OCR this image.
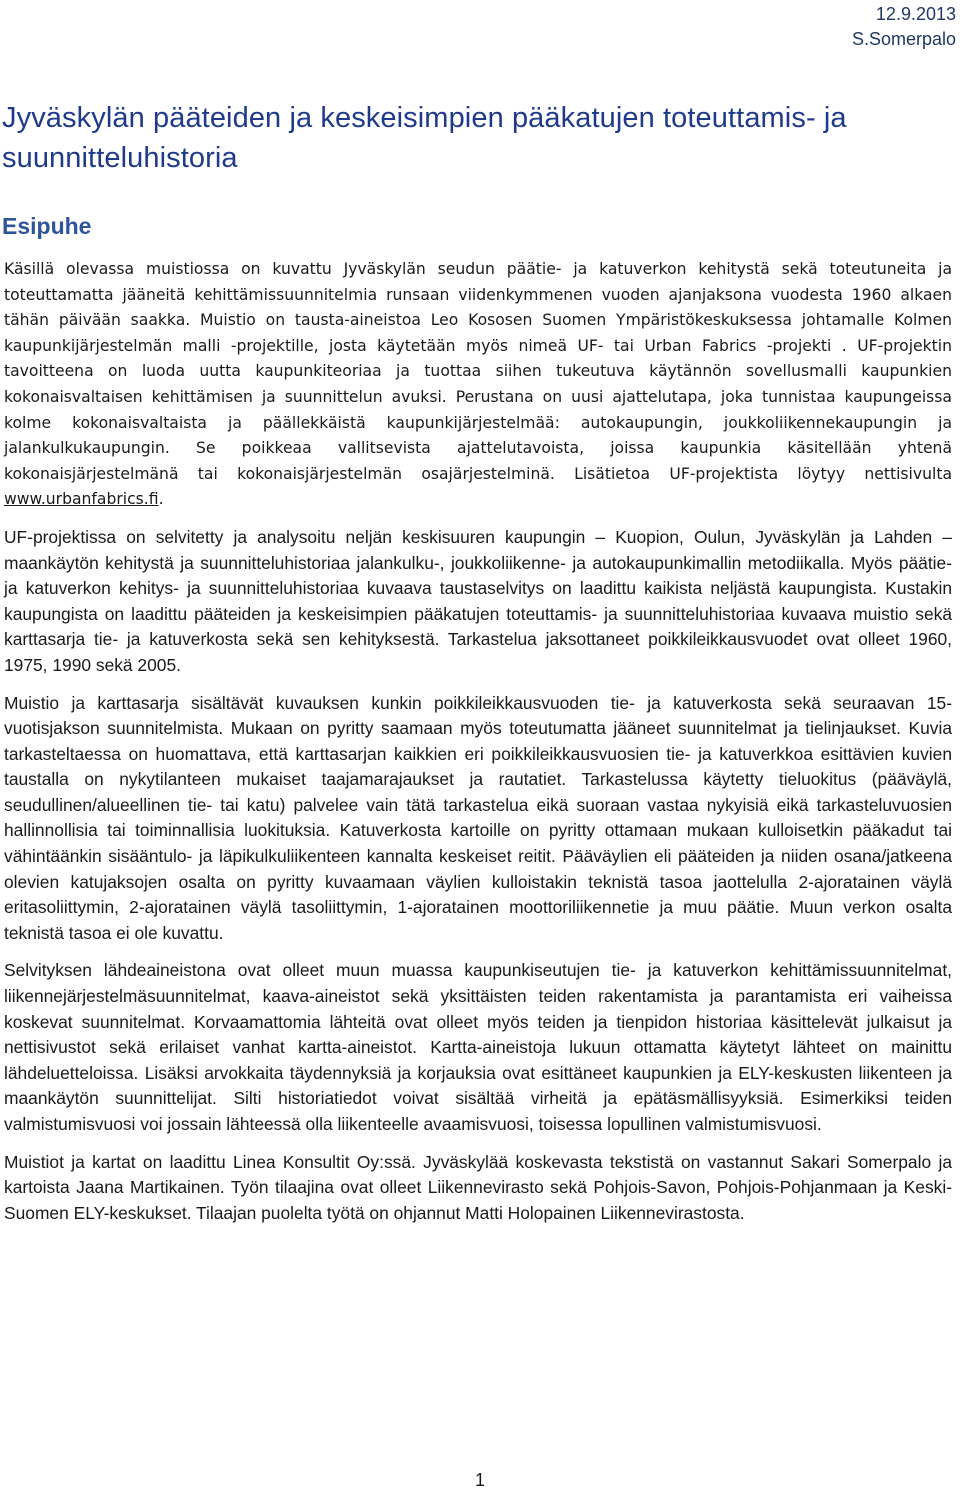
12.9.2013
S.Somerpalo
Jyväskylän pääteiden ja keskeisimpien pääkatujen toteuttamis- ja suunnitteluhistoria
Esipuhe

Käsillä olevassa muistiossa on kuvattu Jyväskylän seudun päätie- ja katuverkon kehitystä sekä toteutuneita ja toteuttamatta jääneitä kehittämissuunnitelmia runsaan viidenkymmenen vuoden ajanjaksona vuodesta 1960 alkaen tähän päivään saakka. Muistio on tausta-aineistoa Leo Kososen Suomen Ympäristökeskuksessa johtamalle Kolmen kaupunkijärjestelmän malli -projektille, josta käytetään myös nimeä UF- tai Urban Fabrics -projekti . UF-projektin tavoitteena on luoda uutta kaupunkiteoriaa ja tuottaa siihen tukeutuva käytännön sovellusmalli kaupunkien kokonaisvaltaisen kehittämisen ja suunnittelun avuksi. Perustana on uusi ajattelutapa, joka tunnistaa kaupungeissa kolme kokonaisvaltaista ja päällekkäistä kaupunkijärjestelmää: autokaupungin, joukkoliikennekaupungin ja jalankulkukaupungin. Se poikkeaa vallitsevista ajattelutavoista, joissa kaupunkia käsitellään yhtenä kokonaisjärjestelmänä tai kokonaisjärjestelmän osajärjestelminä. Lisätietoa UF-projektista löytyy nettisivulta www.urbanfabrics.fi.

UF-projektissa on selvitetty ja analysoitu neljän keskisuuren kaupungin – Kuopion, Oulun, Jyväskylän ja Lahden – maankäytön kehitystä ja suunnitteluhistoriaa jalankulku-, joukkoliikenne- ja autokaupunkimallin metodiikalla. Myös päätie- ja katuverkon kehitys- ja suunnitteluhistoriaa kuvaava taustaselvitys on laadittu kaikista neljästä kaupungista. Kustakin kaupungista on laadittu pääteiden ja keskeisimpien pääkatujen toteuttamis- ja suunnitteluhistoriaa kuvaava muistio sekä karttasarja tie- ja katuverkosta sekä sen kehityksestä. Tarkastelua jaksottaneet poikkileikkausvuodet ovat olleet 1960, 1975, 1990 sekä 2005.

Muistio ja karttasarja sisältävät kuvauksen kunkin poikkileikkausvuoden tie- ja katuverkosta sekä seuraavan 15-vuotisjakson suunnitelmista. Mukaan on pyritty saamaan myös toteutumatta jääneet suunnitelmat ja tielinjaukset. Kuvia tarkasteltaessa on huomattava, että karttasarjan kaikkien eri poikkileikkausvuosien tie- ja katuverkkoa esittävien kuvien taustalla on nykytilanteen mukaiset taajamarajaukset ja rautatiet. Tarkastelussa käytetty tieluokitus (pääväylä, seudullinen/alueellinen tie- tai katu) palvelee vain tätä tarkastelua eikä suoraan vastaa nykyisiä eikä tarkasteluvuosien hallinnollisia tai toiminnallisia luokituksia. Katuverkosta kartoille on pyritty ottamaan mukaan kulloisetkin pääkadut tai vähintäänkin sisääntulo- ja läpikulkuliikenteen kannalta keskeiset reitit. Pääväylien eli pääteiden ja niiden osana/jatkeena olevien katujaksojen osalta on pyritty kuvaamaan väylien kulloistakin teknistä tasoa jaottelulla 2-ajoratainen väylä eritasoliittymin, 2-ajoratainen väylä tasoliittymin, 1-ajoratainen moottoriliikennetie ja muu päätie. Muun verkon osalta teknistä tasoa ei ole kuvattu.

Selvityksen lähdeaineistona ovat olleet muun muassa kaupunkiseutujen tie- ja katuverkon kehittämissuunnitelmat, liikennejärjestelmäsuunnitelmat, kaava-aineistot sekä yksittäisten teiden rakentamista ja parantamista eri vaiheissa koskevat suunnitelmat. Korvaamattomia lähteitä ovat olleet myös teiden ja tienpidon historiaa käsittelevät julkaisut ja nettisivustot sekä erilaiset vanhat kartta-aineistot. Kartta-aineistoja lukuun ottamatta käytetyt lähteet on mainittu lähdeluetteloissa. Lisäksi arvokkaita täydennyksiä ja korjauksia ovat esittäneet kaupunkien ja ELY-keskusten liikenteen ja maankäytön suunnittelijat. Silti historiatiedot voivat sisältää virheitä ja epätäsmällisyyksiä. Esimerkiksi teiden valmistumisvuosi voi jossain lähteessä olla liikenteelle avaamisvuosi, toisessa lopullinen valmistumisvuosi.

Muistiot ja kartat on laadittu Linea Konsultit Oy:ssä. Jyväskylää koskevasta tekstistä on vastannut Sakari Somerpalo ja kartoista Jaana Martikainen. Työn tilaajina ovat olleet Liikennevirasto sekä Pohjois-Savon, Pohjois-Pohjanmaan ja Keski-Suomen ELY-keskukset. Tilaajan puolelta työtä on ohjannut Matti Holopainen Liikennevirastosta.

1
